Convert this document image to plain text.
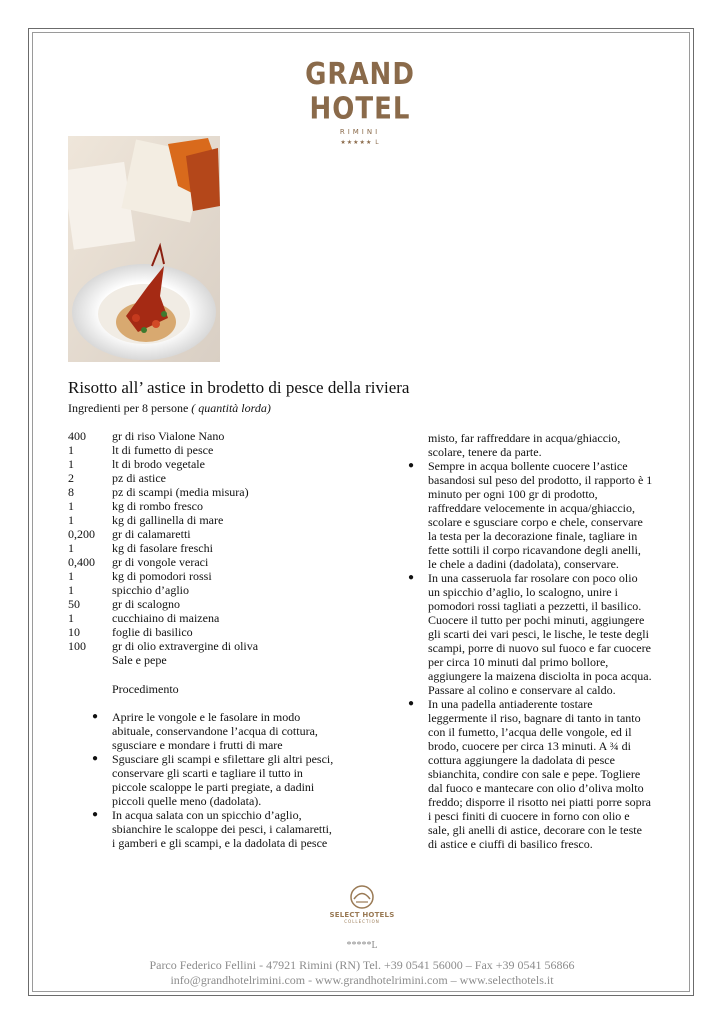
GRAND HOTEL
RIMINI
★★★★★ L
Risotto all’ astice in brodetto di pesce della riviera
Ingredienti per 8 persone ( quantità lorda)
400	gr di riso Vialone Nano
1	lt di fumetto di pesce
1	lt di brodo vegetale
2	pz di astice
8	pz di scampi (media misura)
1	kg di rombo fresco
1	kg di gallinella di mare
0,200	gr di calamaretti
1	kg di fasolare freschi
0,400	gr di vongole veraci
1	kg di pomodori rossi
1	spicchio d’aglio
50	gr di scalogno
1	cucchiaino di maizena
10	foglie di basilico
100	gr di olio extravergine di oliva
Sale e pepe
Procedimento
● Aprire le vongole e le fasolare in modo
abituale, conservandone l’acqua di cottura,
sgusciare e mondare i frutti di mare
● Sgusciare gli scampi e sfilettare gli altri pesci,
conservare gli scarti e tagliare il tutto in
piccole scaloppe le parti pregiate, a dadini
piccoli quelle meno (dadolata).
● In acqua salata con un spicchio d’aglio,
sbianchire le scaloppe dei pesci, i calamaretti,
i gamberi e gli scampi, e la dadolata di pesce
misto, far raffreddare in acqua/ghiaccio,
scolare, tenere da parte.
● Sempre in acqua bollente cuocere l’astice
basandosi sul peso del prodotto, il rapporto è 1
minuto per ogni 100 gr di prodotto,
raffreddare velocemente in acqua/ghiaccio,
scolare e sgusciare corpo e chele, conservare
la testa per la decorazione finale, tagliare in
fette sottili il corpo ricavandone degli anelli,
le chele a dadini (dadolata), conservare.
● In una casseruola far rosolare con poco olio
un spicchio d’aglio, lo scalogno, unire i
pomodori rossi tagliati a pezzetti, il basilico.
Cuocere il tutto per pochi minuti, aggiungere
gli scarti dei vari pesci, le lische, le teste degli
scampi, porre di nuovo sul fuoco e far cuocere
per circa 10 minuti dal primo bollore,
aggiungere la maizena disciolta in poca acqua.
Passare al colino e conservare al caldo.
● In una padella antiaderente tostare
leggermente il riso, bagnare di tanto in tanto
con il fumetto, l’acqua delle vongole, ed il
brodo, cuocere per circa 13 minuti. A ¾ di
cottura aggiungere la dadolata di pesce
sbianchita, condire con sale e pepe. Togliere
dal fuoco e mantecare con olio d’oliva molto
freddo; disporre il risotto nei piatti porre sopra
i pesci finiti di cuocere in forno con olio e
sale, gli anelli di astice, decorare con le teste
di astice e ciuffi di basilico fresco.
SELECT HOTELS
COLLECTION
*****L
Parco Federico Fellini - 47921 Rimini (RN) Tel. +39 0541 56000 – Fax +39 0541 56866
info@grandhotelrimini.com - www.grandhotelrimini.com – www.selecthotels.it
